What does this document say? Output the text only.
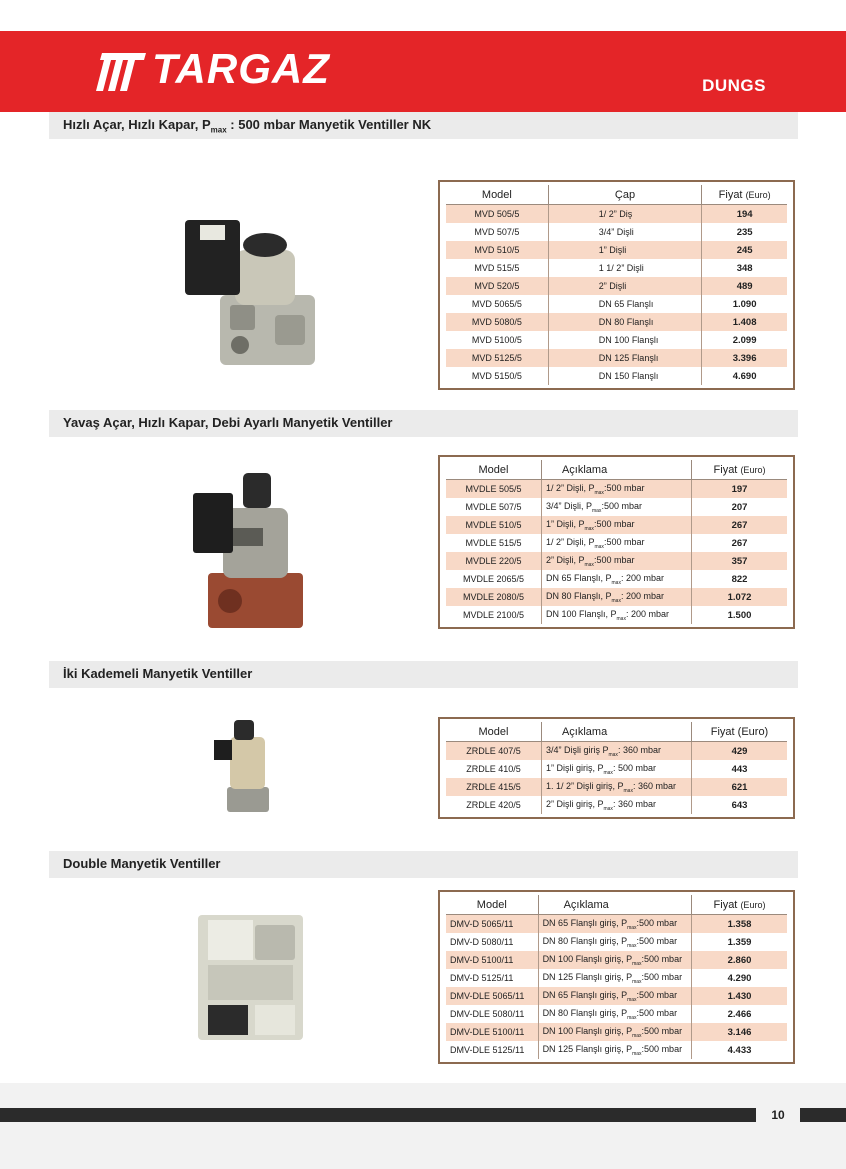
TARGAZ	DUNGS
Hızlı Açar, Hızlı Kapar, $P_{max}$ : 500 mbar Manyetik Ventiller NK
Model	Çap	Fiyat (Euro)
MVD 505/5	1/ 2” Diş	194
MVD 507/5	3/4” Dişli	235
MVD 510/5	1” Dişli	245
MVD 515/5	1 1/ 2” Dişli	348
MVD 520/5	2” Dişli	489
MVD 5065/5	DN 65 Flanşlı	1.090
MVD 5080/5	DN 80 Flanşlı	1.408
MVD 5100/5	DN 100 Flanşlı	2.099
MVD 5125/5	DN 125 Flanşlı	3.396
MVD 5150/5	DN 150 Flanşlı	4.690
Yavaş Açar, Hızlı Kapar, Debi Ayarlı Manyetik Ventiller
Model	Açıklama	Fiyat (Euro)
MVDLE 505/5	1/ 2” Dişli, $P_{max}:500$ mbar	197
MVDLE 507/5	3/4” Dişli, $P_{max}:500$ mbar	207
MVDLE 510/5	1” Dişli, $P_{max}:500$ mbar	267
MVDLE 515/5	1/ 2” Dişli, $P_{max}:500$ mbar	267
MVDLE 220/5	2” Dişli, $P_{max}:500$ mbar	357
MVDLE 2065/5	DN 65 Flanşlı, $P_{max}$: 200 mbar	822
MVDLE 2080/5	DN 80 Flanşlı, $P_{max}$: 200 mbar	1.072
MVDLE 2100/5	DN 100 Flanşlı, $P_{max}$: 200 mbar	1.500
İki Kademeli Manyetik Ventiller
Model	Açıklama	Fiyat (Euro)
ZRDLE 407/5	3/4” Dişli giriş $P_{max}$: 360 mbar	429
ZRDLE 410/5	1” Dişli giriş, $P_{max}$: 500 mbar	443
ZRDLE 415/5	1. 1/ 2” Dişli giriş, $P_{max}$: 360 mbar	621
ZRDLE 420/5	2” Dişli giriş, $P_{max}$: 360 mbar	643
Double Manyetik Ventiller
Model	Açıklama	Fiyat (Euro)
DMV-D 5065/11	DN 65 Flanşlı giriş, $P_{max}:500$ mbar	1.358
DMV-D 5080/11	DN 80 Flanşlı giriş, $P_{max}:500$ mbar	1.359
DMV-D 5100/11	DN 100 Flanşlı giriş, $P_{max}:500$ mbar	2.860
DMV-D 5125/11	DN 125 Flanşlı giriş, $P_{max}:500$ mbar	4.290
DMV-DLE 5065/11	DN 65 Flanşlı giriş, $P_{max}:500$ mbar	1.430
DMV-DLE 5080/11	DN 80 Flanşlı giriş, $P_{max}:500$ mbar	2.466
DMV-DLE 5100/11	DN 100 Flanşlı giriş, $P_{max}:500$ mbar	3.146
DMV-DLE 5125/11	DN 125 Flanşlı giriş, $P_{max}:500$ mbar	4.433
10
